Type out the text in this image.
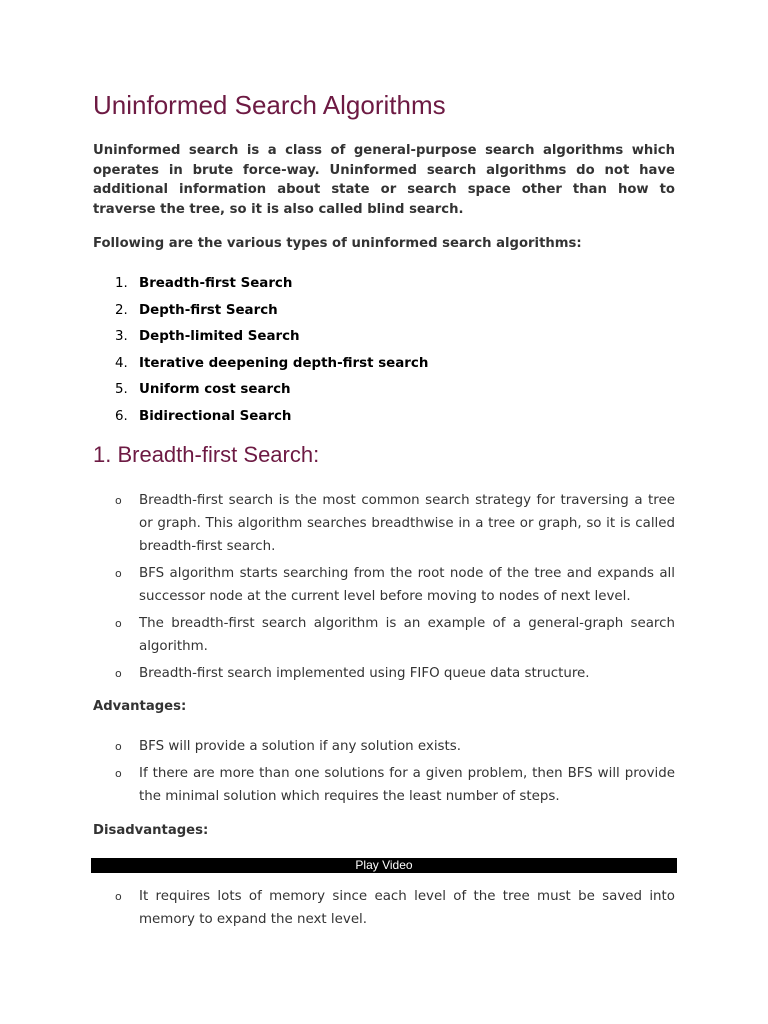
Uninformed Search Algorithms

Uninformed search is a class of general-purpose search algorithms which operates in brute force-way. Uninformed search algorithms do not have additional information about state or search space other than how to traverse the tree, so it is also called blind search.

Following are the various types of uninformed search algorithms:

1. Breadth-first Search
2. Depth-first Search
3. Depth-limited Search
4. Iterative deepening depth-first search
5. Uniform cost search
6. Bidirectional Search
1. Breadth-first Search:
o Breadth-first search is the most common search strategy for traversing a tree or graph. This algorithm searches breadthwise in a tree or graph, so it is called breadth-first search.
o BFS algorithm starts searching from the root node of the tree and expands all successor node at the current level before moving to nodes of next level.
o The breadth-first search algorithm is an example of a general-graph search algorithm.
o Breadth-first search implemented using FIFO queue data structure.

Advantages:

o BFS will provide a solution if any solution exists.
o If there are more than one solutions for a given problem, then BFS will provide the minimal solution which requires the least number of steps.

Disadvantages:

Play Video
o It requires lots of memory since each level of the tree must be saved into memory to expand the next level.
